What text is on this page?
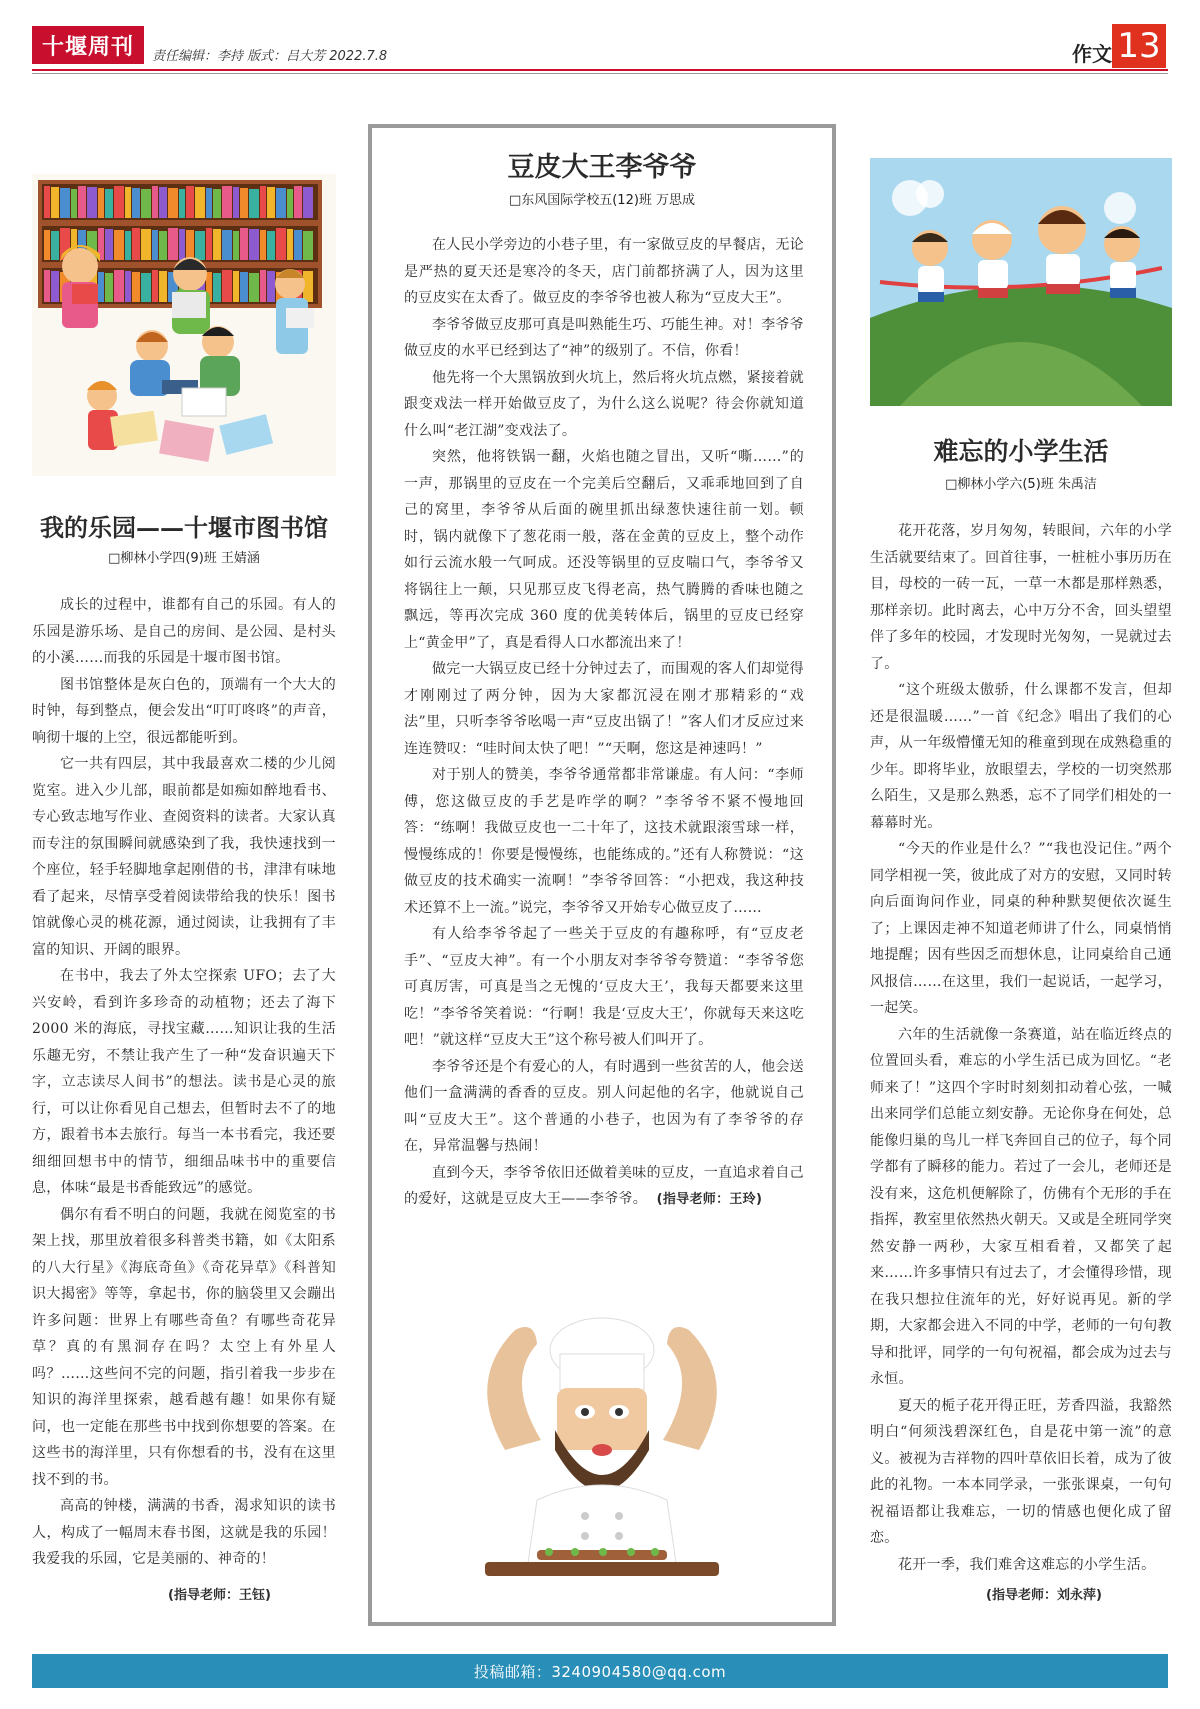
十堰周刊 责任编辑：李持 版式：吕大芳 2022.7.8	作文 13
我的乐园——十堰市图书馆
□柳林小学四(9)班 王婧涵

成长的过程中，谁都有自己的乐园。有人的乐园是游乐场、是自己的房间、是公园、是村头的小溪……而我的乐园是十堰市图书馆。

图书馆整体是灰白色的，顶端有一个大大的时钟，每到整点，便会发出“叮叮咚咚”的声音，响彻十堰的上空，很远都能听到。

它一共有四层，其中我最喜欢二楼的少儿阅览室。进入少儿部，眼前都是如痴如醉地看书、专心致志地写作业、查阅资料的读者。大家认真而专注的氛围瞬间就感染到了我，我快速找到一个座位，轻手轻脚地拿起刚借的书，津津有味地看了起来，尽情享受着阅读带给我的快乐！图书馆就像心灵的桃花源，通过阅读，让我拥有了丰富的知识、开阔的眼界。

在书中，我去了外太空探索 UFO；去了大兴安岭，看到许多珍奇的动植物；还去了海下 2000 米的海底，寻找宝藏……知识让我的生活乐趣无穷，不禁让我产生了一种“发奋识遍天下字，立志读尽人间书”的想法。读书是心灵的旅行，可以让你看见自己想去，但暂时去不了的地方，跟着书本去旅行。每当一本书看完，我还要细细回想书中的情节，细细品味书中的重要信息，体味“最是书香能致远”的感觉。

偶尔有看不明白的问题，我就在阅览室的书架上找，那里放着很多科普类书籍，如《太阳系的八大行星》《海底奇鱼》《奇花异草》《科普知识大揭密》等等，拿起书，你的脑袋里又会蹦出许多问题：世界上有哪些奇鱼？有哪些奇花异草？真的有黑洞存在吗？太空上有外星人吗？……这些问不完的问题，指引着我一步步在知识的海洋里探索，越看越有趣！如果你有疑问，也一定能在那些书中找到你想要的答案。在这些书的海洋里，只有你想看的书，没有在这里找不到的书。

高高的钟楼，满满的书香，渴求知识的读书人，构成了一幅周末春书图，这就是我的乐园！我爱我的乐园，它是美丽的、神奇的！

(指导老师：王钰)
豆皮大王李爷爷
□东风国际学校五(12)班 万思成

在人民小学旁边的小巷子里，有一家做豆皮的早餐店，无论是严热的夏天还是寒冷的冬天，店门前都挤满了人，因为这里的豆皮实在太香了。做豆皮的李爷爷也被人称为“豆皮大王”。

李爷爷做豆皮那可真是叫熟能生巧、巧能生神。对！李爷爷做豆皮的水平已经到达了“神”的级别了。不信，你看！

他先将一个大黑锅放到火坑上，然后将火坑点燃，紧接着就跟变戏法一样开始做豆皮了，为什么这么说呢？待会你就知道什么叫“老江湖”变戏法了。

突然，他将铁锅一翻，火焰也随之冒出，又听“嘶……”的一声，那锅里的豆皮在一个完美后空翻后，又乖乖地回到了自己的窝里，李爷爷从后面的碗里抓出绿葱快速往前一划。顿时，锅内就像下了葱花雨一般，落在金黄的豆皮上，整个动作如行云流水般一气呵成。还没等锅里的豆皮喘口气，李爷爷又将锅往上一颠，只见那豆皮飞得老高，热气腾腾的香味也随之飘远，等再次完成 360 度的优美转体后，锅里的豆皮已经穿上“黄金甲”了，真是看得人口水都流出来了！

做完一大锅豆皮已经十分钟过去了，而围观的客人们却觉得才刚刚过了两分钟，因为大家都沉浸在刚才那精彩的“戏法”里，只听李爷爷吆喝一声“豆皮出锅了！”客人们才反应过来连连赞叹：“哇时间太快了吧！”“天啊，您这是神速吗！”

对于别人的赞美，李爷爷通常都非常谦虚。有人问：“李师傅，您这做豆皮的手艺是咋学的啊？”李爷爷不紧不慢地回答：“练啊！我做豆皮也一二十年了，这技术就跟滚雪球一样，慢慢练成的！你要是慢慢练，也能练成的。”还有人称赞说：“这做豆皮的技术确实一流啊！”李爷爷回答：“小把戏，我这种技术还算不上一流。”说完，李爷爷又开始专心做豆皮了……

有人给李爷爷起了一些关于豆皮的有趣称呼，有“豆皮老手”、“豆皮大神”。有一个小朋友对李爷爷夸赞道：“李爷爷您可真厉害，可真是当之无愧的‘豆皮大王’，我每天都要来这里吃！”李爷爷笑着说：“行啊！我是‘豆皮大王’，你就每天来这吃吧！”就这样“豆皮大王”这个称号被人们叫开了。

李爷爷还是个有爱心的人，有时遇到一些贫苦的人，他会送他们一盒满满的香香的豆皮。别人问起他的名字，他就说自己叫“豆皮大王”。这个普通的小巷子，也因为有了李爷爷的存在，异常温馨与热闹！

直到今天，李爷爷依旧还做着美味的豆皮，一直追求着自己的爱好，这就是豆皮大王——李爷爷。 (指导老师：王玲)

难忘的小学生活
□柳林小学六(5)班 朱禹洁

花开花落，岁月匆匆，转眼间，六年的小学生活就要结束了。回首往事，一桩桩小事历历在目，母校的一砖一瓦，一草一木都是那样熟悉，那样亲切。此时离去，心中万分不舍，回头望望伴了多年的校园，才发现时光匆匆，一晃就过去了。

“这个班级太傲骄，什么课都不发言，但却还是很温暖……”一首《纪念》唱出了我们的心声，从一年级懵懂无知的稚童到现在成熟稳重的少年。即将毕业，放眼望去，学校的一切突然那么陌生，又是那么熟悉，忘不了同学们相处的一幕幕时光。

“今天的作业是什么？”“我也没记住。”两个同学相视一笑，彼此成了对方的安慰，又同时转向后面询问作业，同桌的种种默契便依次诞生了；上课因走神不知道老师讲了什么，同桌悄悄地提醒；因有些因乏而想休息，让同桌给自己通风报信……在这里，我们一起说话，一起学习，一起笑。

六年的生活就像一条赛道，站在临近终点的位置回头看，难忘的小学生活已成为回忆。“老师来了！”这四个字时时刻刻扣动着心弦，一喊出来同学们总能立刻安静。无论你身在何处，总能像归巢的鸟儿一样飞奔回自己的位子，每个同学都有了瞬移的能力。若过了一会儿，老师还是没有来，这危机便解除了，仿佛有个无形的手在指挥，教室里依然热火朝天。又或是全班同学突然安静一两秒，大家互相看着，又都笑了起来……许多事情只有过去了，才会懂得珍惜，现在我只想拉住流年的光，好好说再见。新的学期，大家都会进入不同的中学，老师的一句句教导和批评，同学的一句句祝福，都会成为过去与永恒。

夏天的栀子花开得正旺，芳香四溢，我豁然明白“何须浅碧深红色，自是花中第一流”的意义。被视为吉祥物的四叶草依旧长着，成为了彼此的礼物。一本本同学录，一张张课桌，一句句祝福语都让我难忘，一切的情感也便化成了留恋。

花开一季，我们难舍这难忘的小学生活。

(指导老师：刘永萍)
投稿邮箱：3240904580@qq.com
